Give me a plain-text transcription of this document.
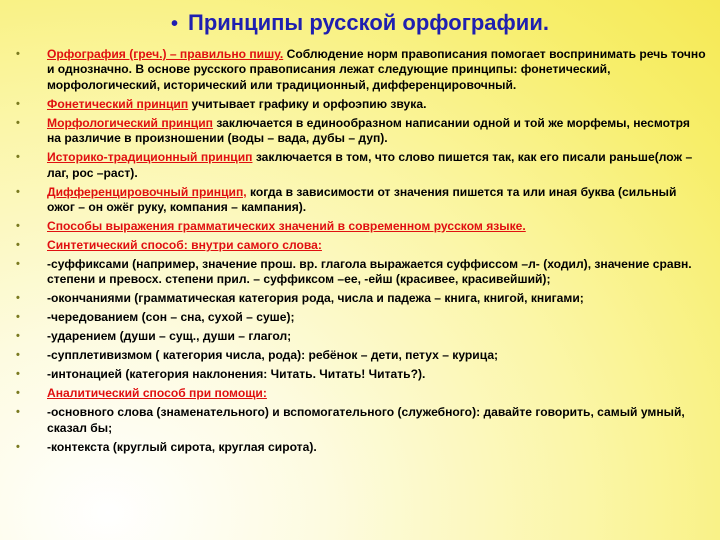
• Принципы русской орфографии.
• Орфография (греч.) – правильно пишу. Соблюдение норм правописания помогает воспринимать речь точно и однозначно. В основе русского правописания лежат следующие принципы: фонетический, морфологический, исторический или традиционный, дифференцировочный.
• Фонетический принцип учитывает графику и орфоэпию звука.
• Морфологический принцип заключается в единообразном написании одной и той же морфемы, несмотря на различие в произношении (воды – вада, дубы – дуп).
• Историко-традиционный принцип заключается в том, что слово пишется так, как его писали раньше(лож –лаг, рос –раст).
• Дифференцировочный принцип, когда в зависимости от значения пишется та или иная буква (сильный ожог – он ожёг руку, компания – кампания).
• Способы выражения грамматических значений в современном русском языке.
• Синтетический способ: внутри самого слова:
• -суффиксами (например, значение прош. вр. глагола выражается суффиссом –л- (ходил), значение сравн. степени и превосх. степени прил. – суффиксом –ее, -ейш (красивее, красивейший);
• -окончаниями (грамматическая категория рода, числа и падежа – книга, книгой, книгами;
• -чередованием (сон – сна, сухой – суше);
• -ударением (души – сущ., души – глагол;
• -супплетивизмом ( категория числа, рода): ребёнок – дети, петух – курица;
• -интонацией (категория наклонения: Читать. Читать! Читать?).
• Аналитический способ при помощи:
• -основного слова (знаменательного) и вспомогательного (служебного): давайте говорить, самый умный, сказал бы;
• -контекста (круглый сирота, круглая сирота).
